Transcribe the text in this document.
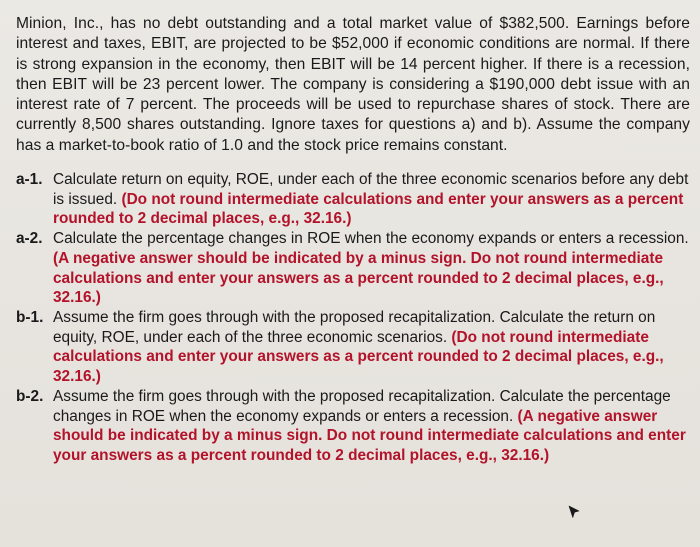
Minion, Inc., has no debt outstanding and a total market value of $382,500. Earnings before interest and taxes, EBIT, are projected to be $52,000 if economic conditions are normal. If there is strong expansion in the economy, then EBIT will be 14 percent higher. If there is a recession, then EBIT will be 23 percent lower. The company is considering a $190,000 debt issue with an interest rate of 7 percent. The proceeds will be used to repurchase shares of stock. There are currently 8,500 shares outstanding. Ignore taxes for questions a) and b). Assume the company has a market-to-book ratio of 1.0 and the stock price remains constant.

a-1. Calculate return on equity, ROE, under each of the three economic scenarios before any debt is issued. (Do not round intermediate calculations and enter your answers as a percent rounded to 2 decimal places, e.g., 32.16.)
a-2. Calculate the percentage changes in ROE when the economy expands or enters a recession. (A negative answer should be indicated by a minus sign. Do not round intermediate calculations and enter your answers as a percent rounded to 2 decimal places, e.g., 32.16.)
b-1. Assume the firm goes through with the proposed recapitalization. Calculate the return on equity, ROE, under each of the three economic scenarios. (Do not round intermediate calculations and enter your answers as a percent rounded to 2 decimal places, e.g., 32.16.)
b-2. Assume the firm goes through with the proposed recapitalization. Calculate the percentage changes in ROE when the economy expands or enters a recession. (A negative answer should be indicated by a minus sign. Do not round intermediate calculations and enter your answers as a percent rounded to 2 decimal places, e.g., 32.16.)
